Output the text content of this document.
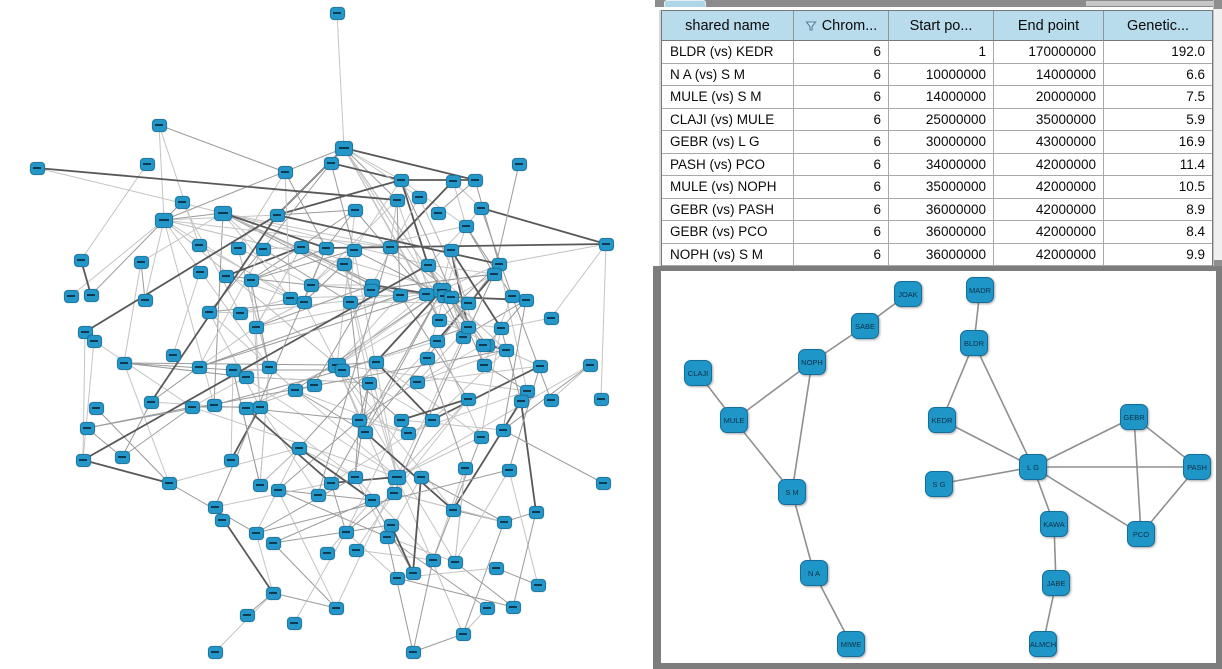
shared name	Chrom... Start po...	End point	Genetic...
BLDR (vs) KEDR	6	1	170000000	192.0
N A (vs) S M	6	10000000	14000000	6.6
MULE (vs) S M	6	14000000	20000000	7.5
CLAJI (vs) MULE	6	25000000	35000000	5.9
GEBR (vs) L G	6	30000000	43000000	16.9
PASH (vs) PCO	6	34000000	42000000	11.4
MULE (vs) NOPH	6	35000000	42000000	10.5
GEBR (vs) PASH	6	36000000	42000000	8.9
GEBR (vs) PCO	6	36000000	42000000	8.4
NOPH (vs) S M	6	36000000	42000000	9.9
JOAK	MADR
SABE
NOPH
CLAJI
BLDR
MULE	KEDR	GEBR
L G	PASH
S M
S G
KAWA
PCO
N A
MIWE
JABE
ALMCH
